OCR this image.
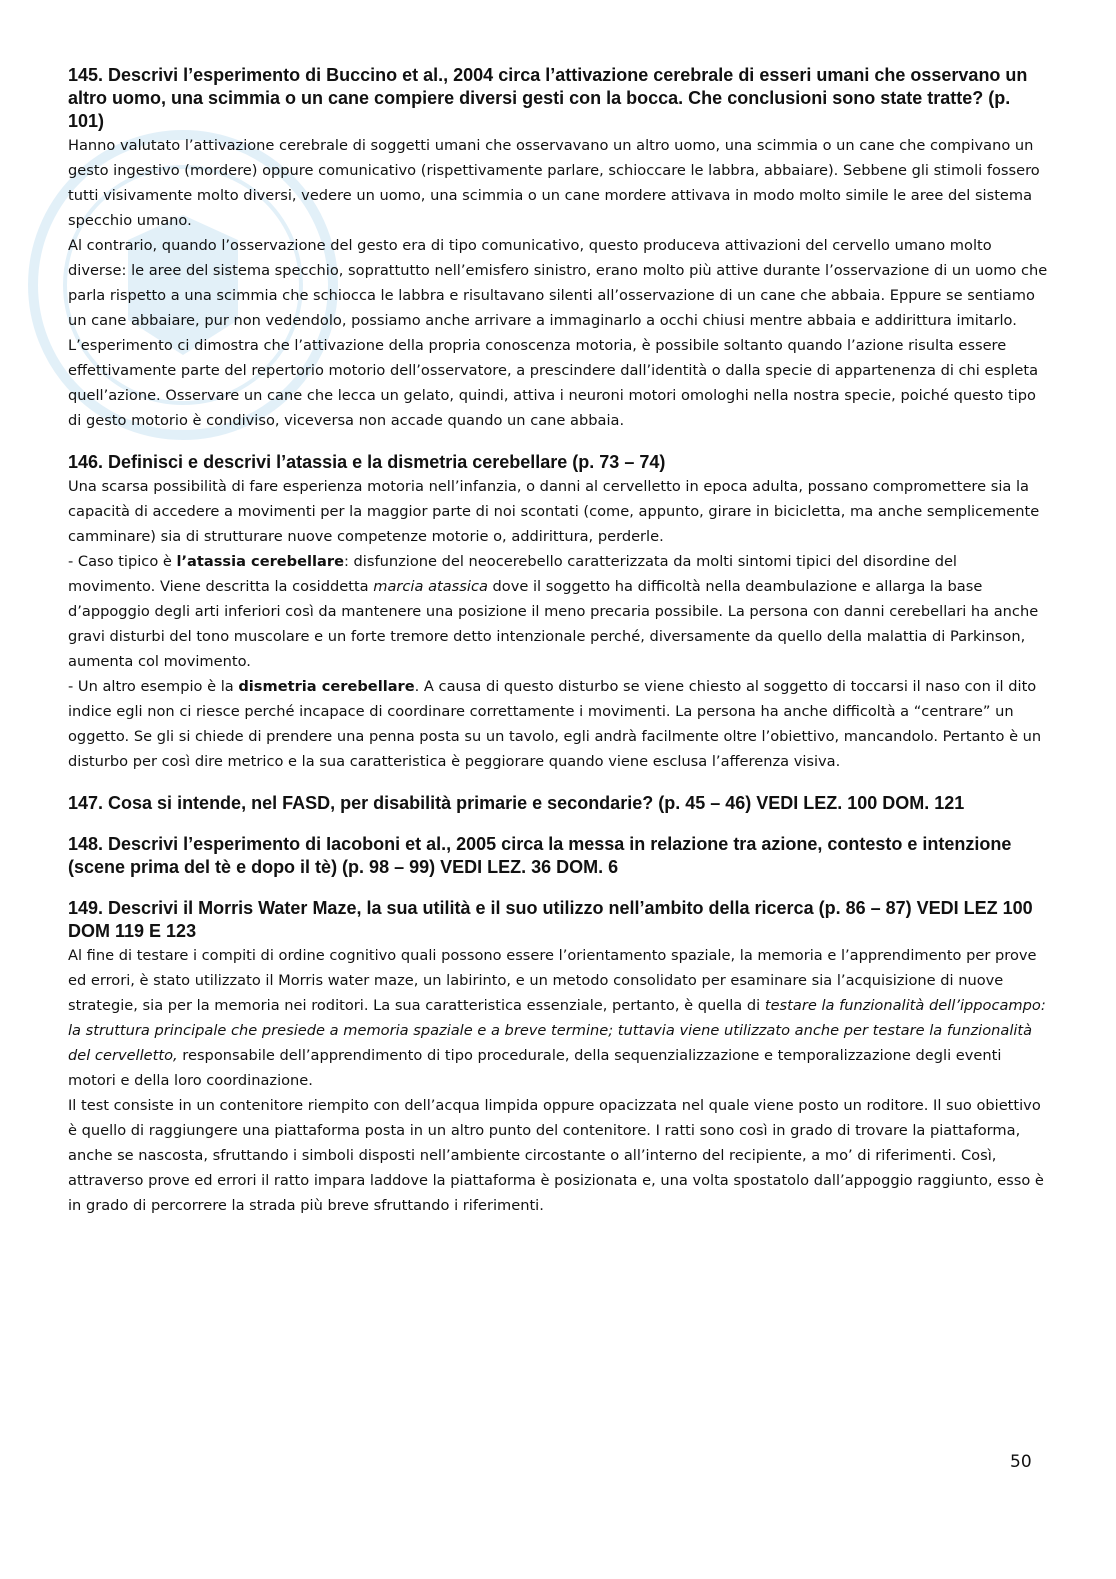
145. Descrivi l’esperimento di Buccino et al., 2004 circa l’attivazione cerebrale di esseri umani che osservano un altro uomo, una scimmia o un cane compiere diversi gesti con la bocca. Che conclusioni sono state tratte? (p. 101)

Hanno valutato l’attivazione cerebrale di soggetti umani che osservavano un altro uomo, una scimmia o un cane che compivano un gesto ingestivo (mordere) oppure comunicativo (rispettivamente parlare, schioccare le labbra, abbaiare). Sebbene gli stimoli fossero tutti visivamente molto diversi, vedere un uomo, una scimmia o un cane mordere attivava in modo molto simile le aree del sistema specchio umano.

Al contrario, quando l’osservazione del gesto era di tipo comunicativo, questo produceva attivazioni del cervello umano molto diverse: le aree del sistema specchio, soprattutto nell’emisfero sinistro, erano molto più attive durante l’osservazione di un uomo che parla rispetto a una scimmia che schiocca le labbra e risultavano silenti all’osservazione di un cane che abbaia. Eppure se sentiamo un cane abbaiare, pur non vedendolo, possiamo anche arrivare a immaginarlo a occhi chiusi mentre abbaia e addirittura imitarlo.

L’esperimento ci dimostra che l’attivazione della propria conoscenza motoria, è possibile soltanto quando l’azione risulta essere effettivamente parte del repertorio motorio dell’osservatore, a prescindere dall’identità o dalla specie di appartenenza di chi espleta quell’azione. Osservare un cane che lecca un gelato, quindi, attiva i neuroni motori omologhi nella nostra specie, poiché questo tipo di gesto motorio è condiviso, viceversa non accade quando un cane abbaia.

146. Definisci e descrivi l’atassia e la dismetria cerebellare (p. 73 – 74)

Una scarsa possibilità di fare esperienza motoria nell’infanzia, o danni al cervelletto in epoca adulta, possano compromettere sia la capacità di accedere a movimenti per la maggior parte di noi scontati (come, appunto, girare in bicicletta, ma anche semplicemente camminare) sia di strutturare nuove competenze motorie o, addirittura, perderle.

- Caso tipico è l’atassia cerebellare: disfunzione del neocerebello caratterizzata da molti sintomi tipici del disordine del movimento. Viene descritta la cosiddetta marcia atassica dove il soggetto ha difficoltà nella deambulazione e allarga la base d’appoggio degli arti inferiori così da mantenere una posizione il meno precaria possibile. La persona con danni cerebellari ha anche gravi disturbi del tono muscolare e un forte tremore detto intenzionale perché, diversamente da quello della malattia di Parkinson, aumenta col movimento.

- Un altro esempio è la dismetria cerebellare. A causa di questo disturbo se viene chiesto al soggetto di toccarsi il naso con il dito indice egli non ci riesce perché incapace di coordinare correttamente i movimenti. La persona ha anche difficoltà a “centrare” un oggetto. Se gli si chiede di prendere una penna posta su un tavolo, egli andrà facilmente oltre l’obiettivo, mancandolo. Pertanto è un disturbo per così dire metrico e la sua caratteristica è peggiorare quando viene esclusa l’afferenza visiva.

147. Cosa si intende, nel FASD, per disabilità primarie e secondarie? (p. 45 – 46) VEDI LEZ. 100 DOM. 121

148. Descrivi l’esperimento di Iacoboni et al., 2005 circa la messa in relazione tra azione, contesto e intenzione (scene prima del tè e dopo il tè) (p. 98 – 99) VEDI LEZ. 36 DOM. 6

149. Descrivi il Morris Water Maze, la sua utilità e il suo utilizzo nell’ambito della ricerca (p. 86 – 87) VEDI LEZ 100 DOM 119 E 123

Al fine di testare i compiti di ordine cognitivo quali possono essere l’orientamento spaziale, la memoria e l’apprendimento per prove ed errori, è stato utilizzato il Morris water maze, un labirinto, e un metodo consolidato per esaminare sia l’acquisizione di nuove strategie, sia per la memoria nei roditori. La sua caratteristica essenziale, pertanto, è quella di testare la funzionalità dell’ippocampo: la struttura principale che presiede a memoria spaziale e a breve termine; tuttavia viene utilizzato anche per testare la funzionalità del cervelletto, responsabile dell’apprendimento di tipo procedurale, della sequenzializzazione e temporalizzazione degli eventi motori e della loro coordinazione.

Il test consiste in un contenitore riempito con dell’acqua limpida oppure opacizzata nel quale viene posto un roditore. Il suo obiettivo è quello di raggiungere una piattaforma posta in un altro punto del contenitore. I ratti sono così in grado di trovare la piattaforma, anche se nascosta, sfruttando i simboli disposti nell’ambiente circostante o all’interno del recipiente, a mo’ di riferimenti. Così, attraverso prove ed errori il ratto impara laddove la piattaforma è posizionata e, una volta spostatolo dall’appoggio raggiunto, esso è in grado di percorrere la strada più breve sfruttando i riferimenti.

50
